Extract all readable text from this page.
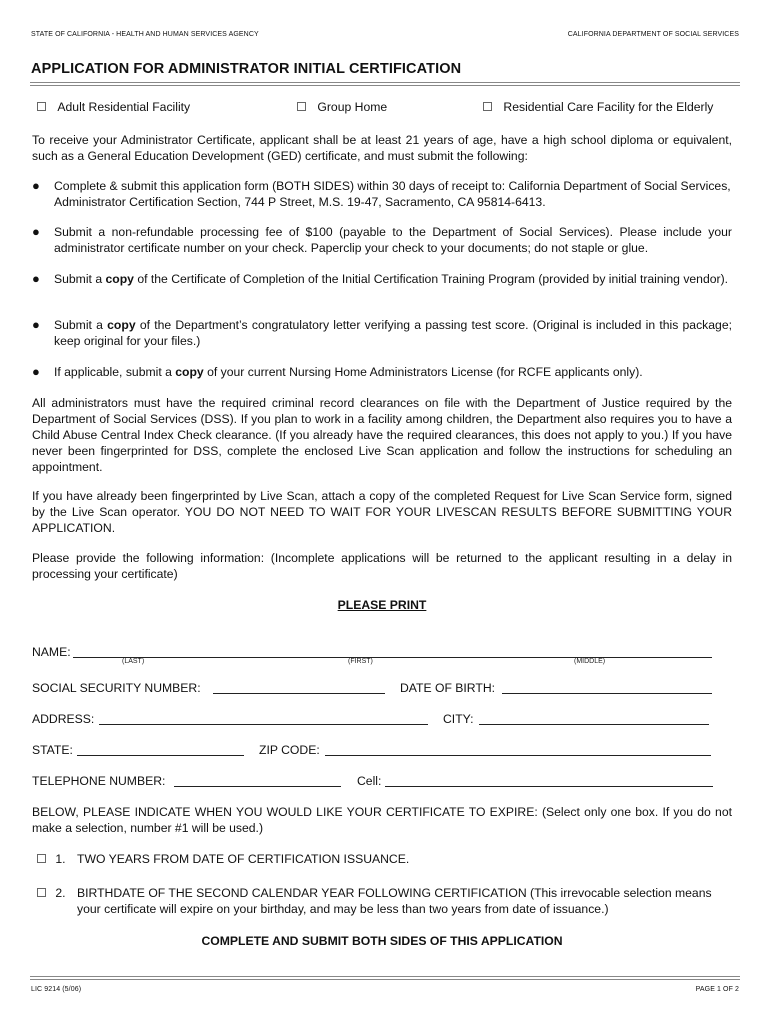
STATE OF CALIFORNIA - HEALTH AND HUMAN SERVICES AGENCY	CALIFORNIA DEPARTMENT OF SOCIAL SERVICES
APPLICATION FOR ADMINISTRATOR INITIAL CERTIFICATION
Adult Residential Facility	Group Home	Residential Care Facility for the Elderly
To receive your Administrator Certificate, applicant shall be at least 21 years of age, have a high school diploma or equivalent, such as a General Education Development (GED) certificate, and must submit the following:
● Complete & submit this application form (BOTH SIDES) within 30 days of receipt to: California Department of Social Services, Administrator Certification Section, 744 P Street, M.S. 19-47, Sacramento, CA 95814-6413.
● Submit a non-refundable processing fee of $100 (payable to the Department of Social Services). Please include your administrator certificate number on your check. Paperclip your check to your documents; do not staple or glue.
● Submit a copy of the Certificate of Completion of the Initial Certification Training Program (provided by initial training vendor).
● Submit a copy of the Department’s congratulatory letter verifying a passing test score. (Original is included in this package; keep original for your files.)
● If applicable, submit a copy of your current Nursing Home Administrators License (for RCFE applicants only).
All administrators must have the required criminal record clearances on file with the Department of Justice required by the Department of Social Services (DSS). If you plan to work in a facility among children, the Department also requires you to have a Child Abuse Central Index Check clearance. (If you already have the required clearances, this does not apply to you.) If you have never been fingerprinted for DSS, complete the enclosed Live Scan application and follow the instructions for scheduling an appointment.
If you have already been fingerprinted by Live Scan, attach a copy of the completed Request for Live Scan Service form, signed by the Live Scan operator. YOU DO NOT NEED TO WAIT FOR YOUR LIVESCAN RESULTS BEFORE SUBMITTING YOUR APPLICATION.
Please provide the following information: (Incomplete applications will be returned to the applicant resulting in a delay in processing your certificate)
PLEASE PRINT
NAME:
(LAST)	(FIRST)	(MIDDLE)
SOCIAL SECURITY NUMBER:	DATE OF BIRTH:
ADDRESS:	CITY:
STATE:	ZIP CODE:
TELEPHONE NUMBER:	Cell:
BELOW, PLEASE INDICATE WHEN YOU WOULD LIKE YOUR CERTIFICATE TO EXPIRE: (Select only one box. If you do not make a selection, number #1 will be used.)
1. TWO YEARS FROM DATE OF CERTIFICATION ISSUANCE.
2. BIRTHDATE OF THE SECOND CALENDAR YEAR FOLLOWING CERTIFICATION (This irrevocable selection means your certificate will expire on your birthday, and may be less than two years from date of issuance.)
COMPLETE AND SUBMIT BOTH SIDES OF THIS APPLICATION
LIC 9214 (5/06)	PAGE 1 OF 2
